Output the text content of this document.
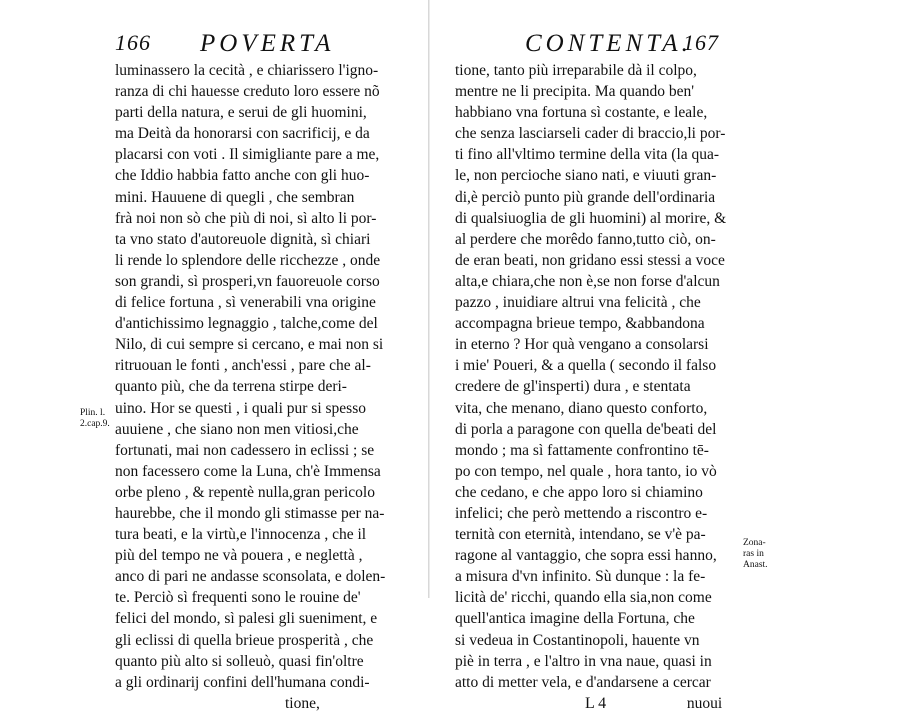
166 POVERTA
luminassero la cecità , e chiarissero l'igno-
ranza di chi hauesse creduto loro essere nõ
parti della natura, e serui de gli huomini,
ma Deità da honorarsi con sacrificij, e da
placarsi con voti . Il simigliante pare a me,
che Iddio habbia fatto anche con gli huo-
mini. Hauuene di quegli , che sembran
frà noi non sò che più di noi, sì alto li por-
ta vno stato d'autoreuole dignità, sì chiari
li rende lo splendore delle ricchezze , onde
son grandi, sì prosperi,vn fauoreuole corso
di felice fortuna , sì venerabili vna origine
d'antichissimo legnaggio , talche,come del
Nilo, di cui sempre si cercano, e mai non si
ritruouan le fonti , anch'essi , pare che al-
quanto più, che da terrena stirpe deri-
uino. Hor se questi , i quali pur si spesso
auuiene , che siano non men vitiosi,che
fortunati, mai non cadessero in eclissi ; se
non facessero come la Luna, ch'è Immensa
orbe pleno , & repentè nulla,gran pericolo
haurebbe, che il mondo gli stimasse per na-
tura beati, e la virtù,e l'innocenza , che il
più del tempo ne và pouera , e neglettà ,
anco di pari ne andasse sconsolata, e dolen-
te. Perciò sì frequenti sono le rouine de'
felici del mondo, sì palesi gli sueniment, e
gli eclissi di quella brieue prosperità , che
quanto più alto si solleuò, quasi fin'oltre
a gli ordinarij confini dell'humana condi-
tione,
Plin. l.
2.cap.9.
CONTENTA.
167
tione, tanto più irreparabile dà il colpo,
mentre ne li precipita. Ma quando ben'
habbiano vna fortuna sì costante, e leale,
che senza lasciarseli cader di braccio,li por-
ti fino all'vltimo termine della vita (la qua-
le, non percioche siano nati, e viuuti gran-
di,è perciò punto più grande dell'ordinaria
di qualsiuoglia de gli huomini) al morire, &
al perdere che morêdo fanno,tutto ciò, on-
de eran beati, non gridano essi stessi a voce
alta,e chiara,che non è,se non forse d'alcun
pazzo , inuidiare altrui vna felicità , che
accompagna brieue tempo, &abbandona
in eterno ? Hor quà vengano a consolarsi
i mie' Poueri, & a quella ( secondo il falso
credere de gl'insperti) dura , e stentata
vita, che menano, diano questo conforto,
di porla a paragone con quella de'beati del
mondo ; ma sì fattamente confrontino tē-
po con tempo, nel quale , hora tanto, io vò
che cedano, e che appo loro si chiamino
infelici; che però mettendo a riscontro e-
ternità con eternità, intendano, se v'è pa-
ragone al vantaggio, che sopra essi hanno,
a misura d'vn infinito. Sù dunque : la fe-
licità de' ricchi, quando ella sia,non come
quell'antica imagine della Fortuna, che
si vedeua in Costantinopoli, hauente vn
piè in terra , e l'altro in vna naue, quasi in
atto di metter vela, e d'andarsene a cercar
L 4	nuoui
Zona-
ras in
Anast.
